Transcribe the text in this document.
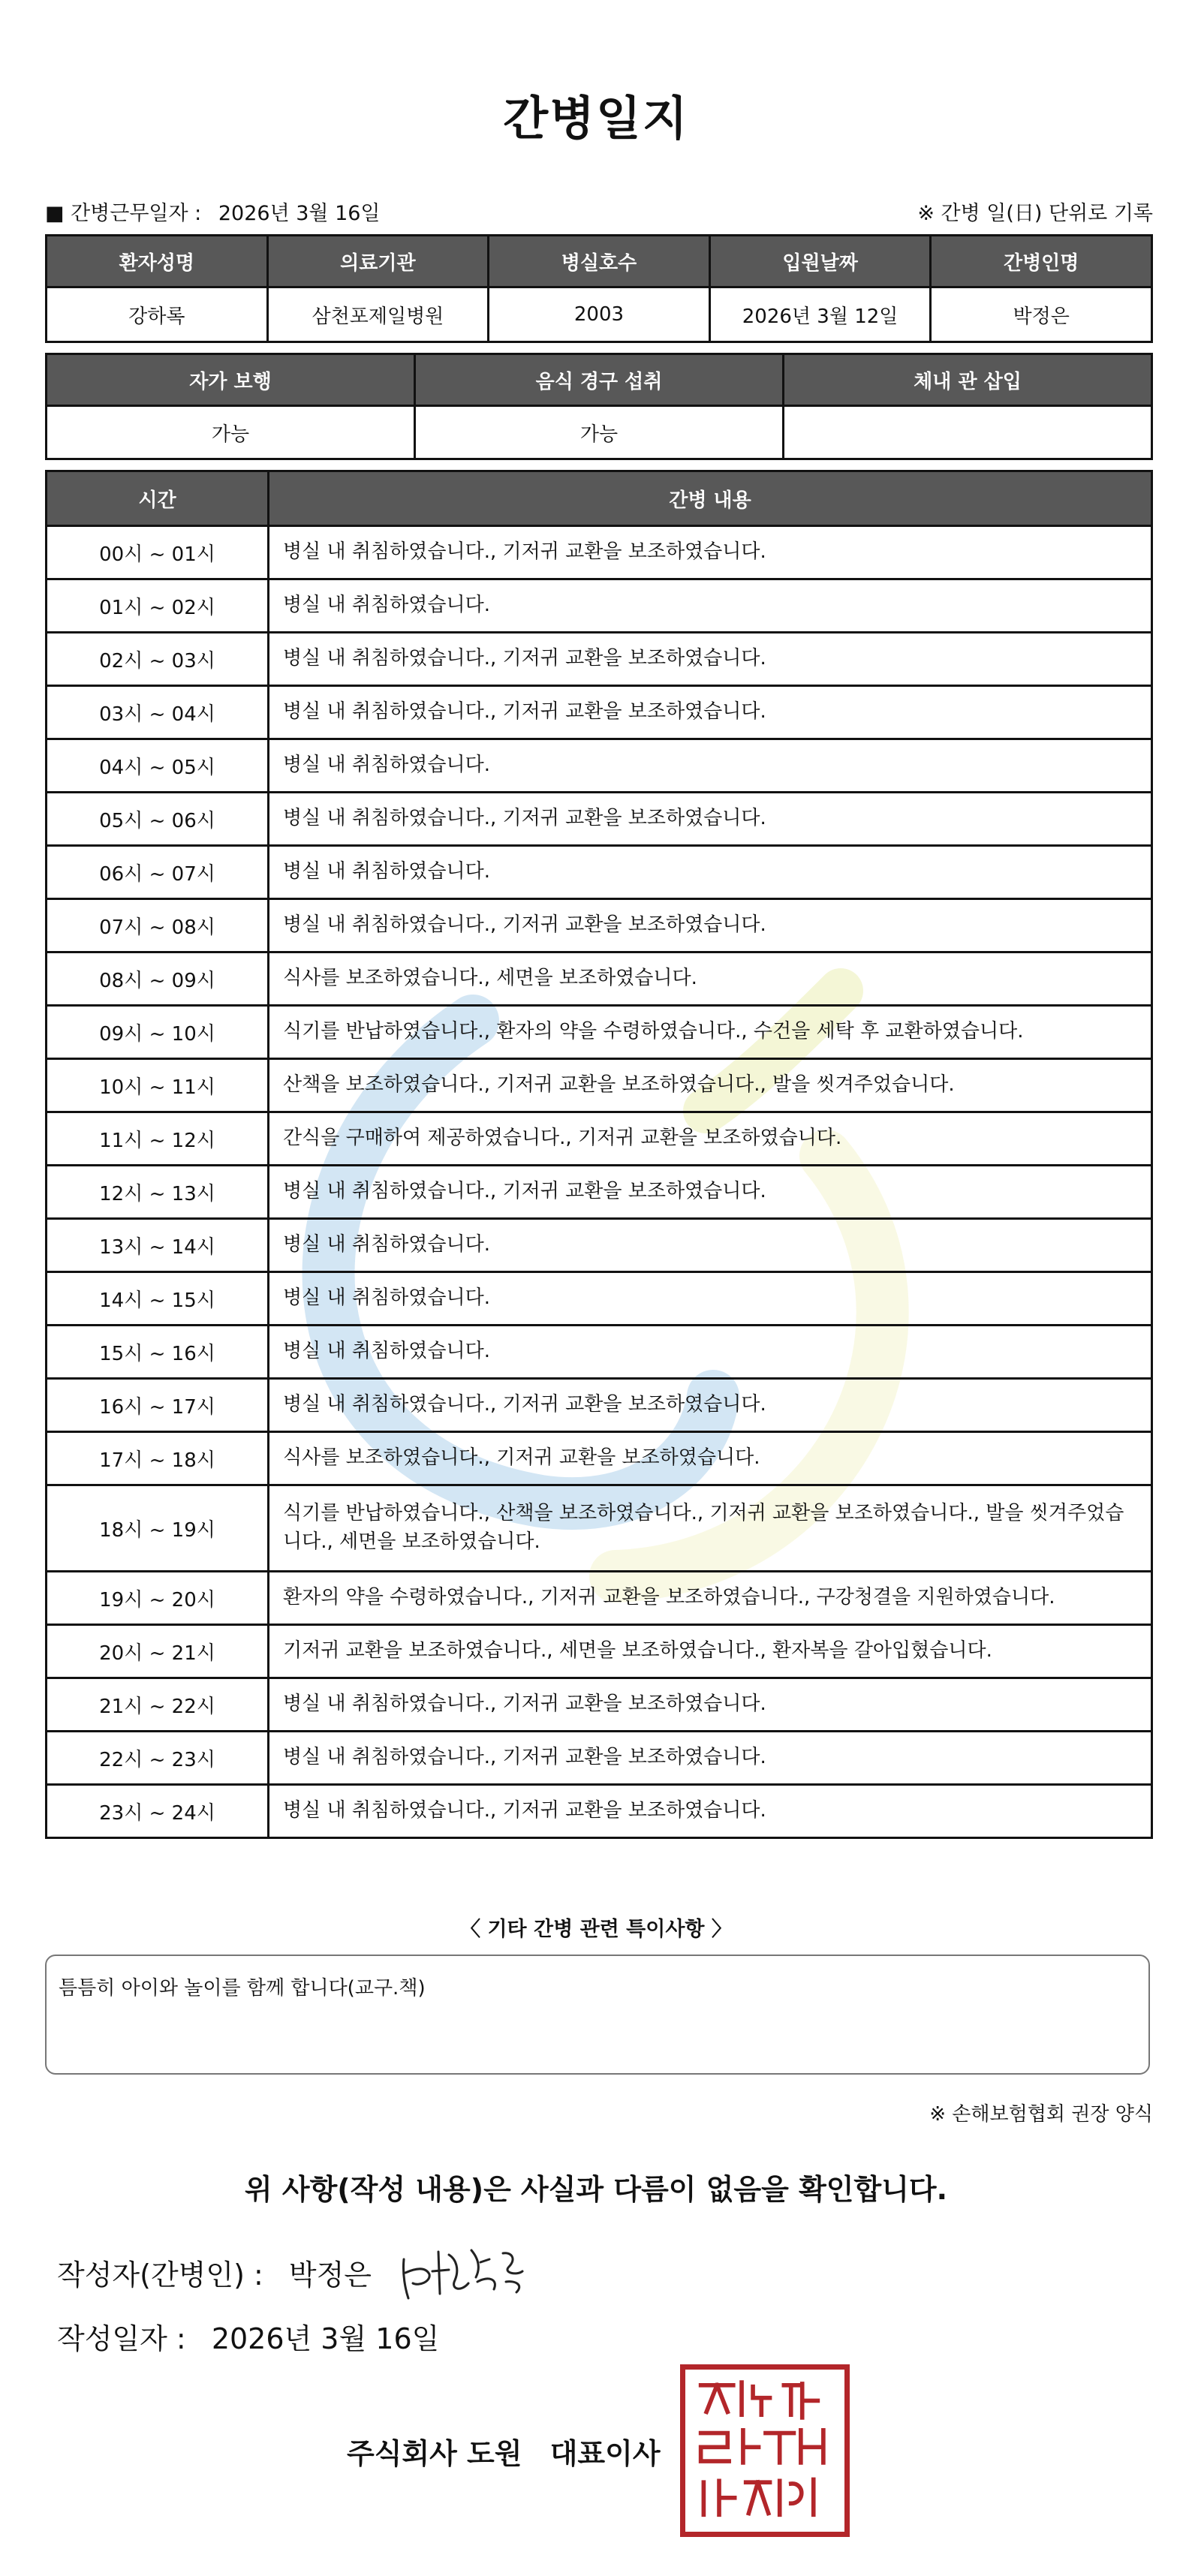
간병일지
■ 간병근무일자 : 2026년 3월 16일	※ 간병 일(日) 단위로 기록
환자성명	의료기관	병실호수	입원날짜	간병인명
강하록	삼천포제일병원	2003	2026년 3월 12일	박정은
자가 보행	음식 경구 섭취	체내 관 삽입
가능	가능	
시간	간병 내용
00시 ~ 01시	병실 내 취침하였습니다., 기저귀 교환을 보조하였습니다.
01시 ~ 02시	병실 내 취침하였습니다.
02시 ~ 03시	병실 내 취침하였습니다., 기저귀 교환을 보조하였습니다.
03시 ~ 04시	병실 내 취침하였습니다., 기저귀 교환을 보조하였습니다.
04시 ~ 05시	병실 내 취침하였습니다.
05시 ~ 06시	병실 내 취침하였습니다., 기저귀 교환을 보조하였습니다.
06시 ~ 07시	병실 내 취침하였습니다.
07시 ~ 08시	병실 내 취침하였습니다., 기저귀 교환을 보조하였습니다.
08시 ~ 09시	식사를 보조하였습니다., 세면을 보조하였습니다.
09시 ~ 10시	식기를 반납하였습니다., 환자의 약을 수령하였습니다., 수건을 세탁 후 교환하였습니다.
10시 ~ 11시	산책을 보조하였습니다., 기저귀 교환을 보조하였습니다., 발을 씻겨주었습니다.
11시 ~ 12시	간식을 구매하여 제공하였습니다., 기저귀 교환을 보조하였습니다.
12시 ~ 13시	병실 내 취침하였습니다., 기저귀 교환을 보조하였습니다.
13시 ~ 14시	병실 내 취침하였습니다.
14시 ~ 15시	병실 내 취침하였습니다.
15시 ~ 16시	병실 내 취침하였습니다.
16시 ~ 17시	병실 내 취침하였습니다., 기저귀 교환을 보조하였습니다.
17시 ~ 18시	식사를 보조하였습니다., 기저귀 교환을 보조하였습니다.
18시 ~ 19시	식기를 반납하였습니다., 산책을 보조하였습니다., 기저귀 교환을 보조하였습니다., 발을 씻겨주었습니다., 세면을 보조하였습니다.
19시 ~ 20시	환자의 약을 수령하였습니다., 기저귀 교환을 보조하였습니다., 구강청결을 지원하였습니다.
20시 ~ 21시	기저귀 교환을 보조하였습니다., 세면을 보조하였습니다., 환자복을 갈아입혔습니다.
21시 ~ 22시	병실 내 취침하였습니다., 기저귀 교환을 보조하였습니다.
22시 ~ 23시	병실 내 취침하였습니다., 기저귀 교환을 보조하였습니다.
23시 ~ 24시	병실 내 취침하였습니다., 기저귀 교환을 보조하였습니다.
〈 기타 간병 관련 특이사항 〉
틈틈히 아이와 놀이를 함께 합니다(교구.책)
※ 손해보험협회 권장 양식
위 사항(작성 내용)은 사실과 다름이 없음을 확인합니다.
작성자(간병인) : 박정은
작성일자 : 2026년 3월 16일
주식회사 도원 대표이사
